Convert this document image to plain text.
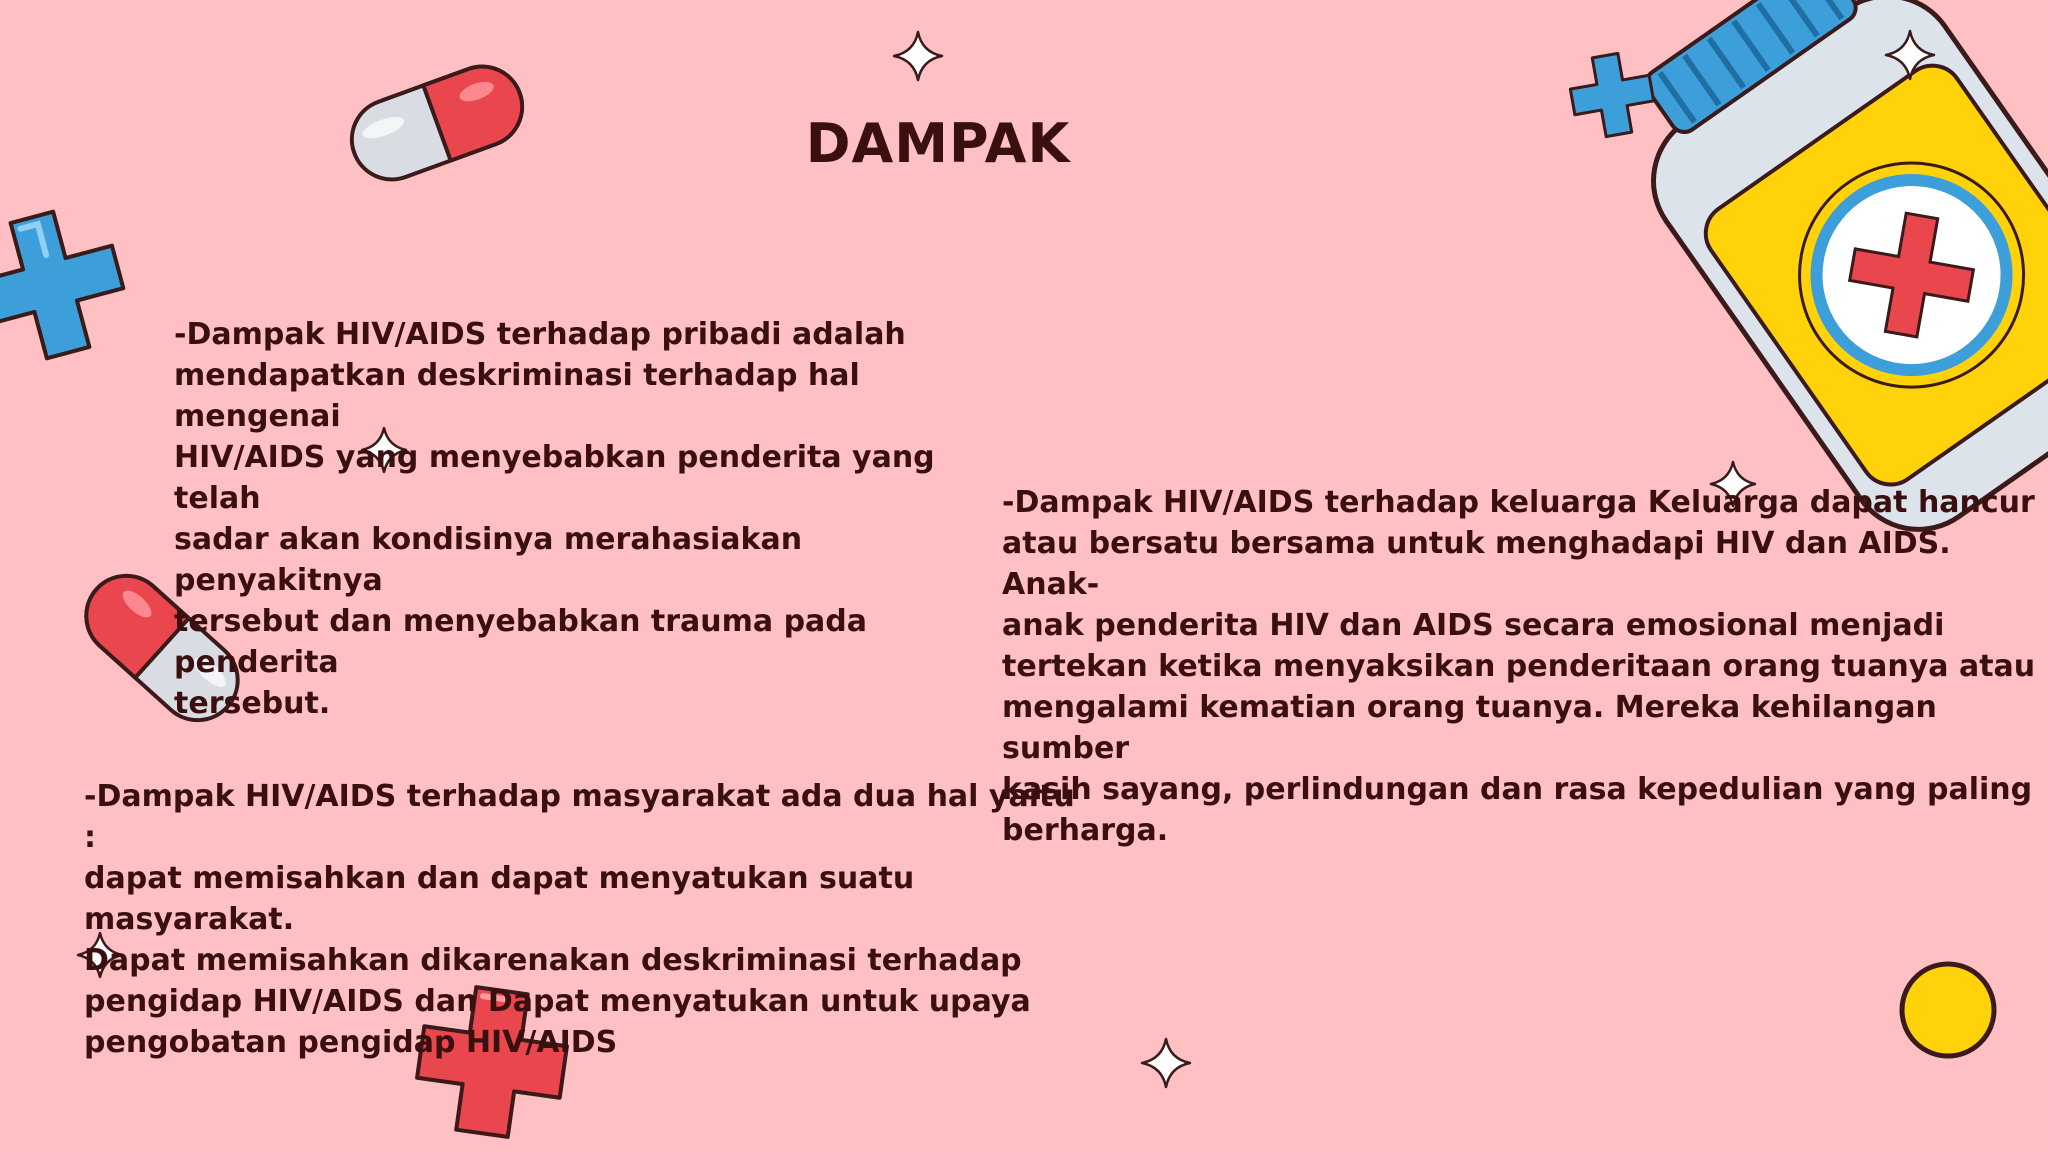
DAMPAK

-Dampak HIV/AIDS terhadap pribadi adalah
mendapatkan deskriminasi terhadap hal mengenai
HIV/AIDS yang menyebabkan penderita yang telah
sadar akan kondisinya merahasiakan penyakitnya
tersebut dan menyebabkan trauma pada penderita
tersebut.

-Dampak HIV/AIDS terhadap keluarga Keluarga dapat hancur
atau bersatu bersama untuk menghadapi HIV dan AIDS. Anak-
anak penderita HIV dan AIDS secara emosional menjadi
tertekan ketika menyaksikan penderitaan orang tuanya atau
mengalami kematian orang tuanya. Mereka kehilangan sumber
kasih sayang, perlindungan dan rasa kepedulian yang paling
berharga.

-Dampak HIV/AIDS terhadap masyarakat ada dua hal yaitu :
dapat memisahkan dan dapat menyatukan suatu masyarakat.
Dapat memisahkan dikarenakan deskriminasi terhadap
pengidap HIV/AIDS dan Dapat menyatukan untuk upaya
pengobatan pengidap HIV/AIDS
